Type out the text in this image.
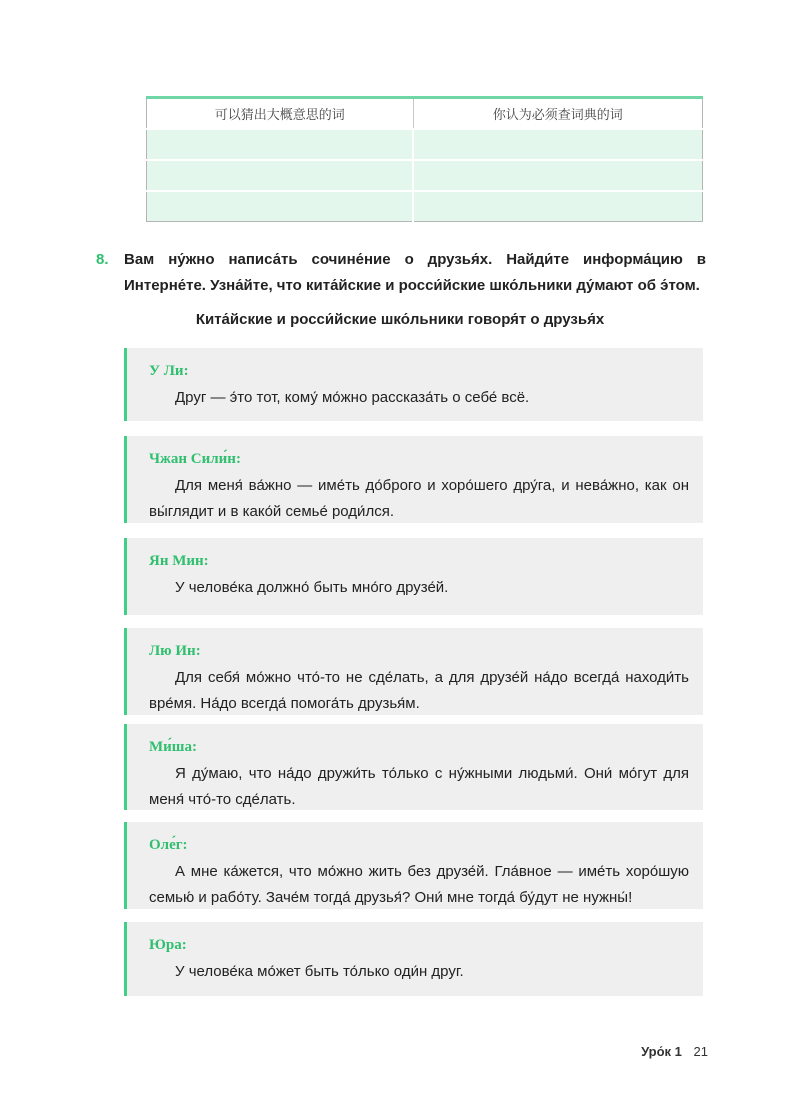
可以猜出大概意思的词	你认为必须查词典的词

8. Вам ну́жно написа́ть сочине́ние о друзья́х. Найди́те информа́цию в Интерне́те. Узна́йте, что кита́йские и росси́йские шко́льники ду́мают об э́том.
Кита́йские и росси́йские шко́льники говоря́т о друзья́х
У Ли:
Друг — э́то тот, кому́ мо́жно рассказа́ть о себе́ всё.
Чжан Сили́н:
Для меня́ ва́жно — име́ть до́брого и хоро́шего дру́га, и нева́жно, как он вы́глядит и в како́й семье́ роди́лся.
Ян Мин:
У челове́ка должно́ быть мно́го друзе́й.
Лю Ин:
Для себя́ мо́жно что́-то не сде́лать, а для друзе́й на́до всегда́ находи́ть вре́мя. На́до всегда́ помога́ть друзья́м.
Ми́ша:
Я ду́маю, что на́до дружи́ть то́лько с ну́жными людьми́. Они́ мо́гут для меня́ что́-то сде́лать.
Оле́г:
А мне ка́жется, что мо́жно жить без друзе́й. Гла́вное — име́ть хоро́шую семью́ и рабо́ту. Заче́м тогда́ друзья́? Они́ мне тогда́ бу́дут не нужны́!
Юра:
У челове́ка мо́жет быть то́лько оди́н друг.
Уро́к 1 21
